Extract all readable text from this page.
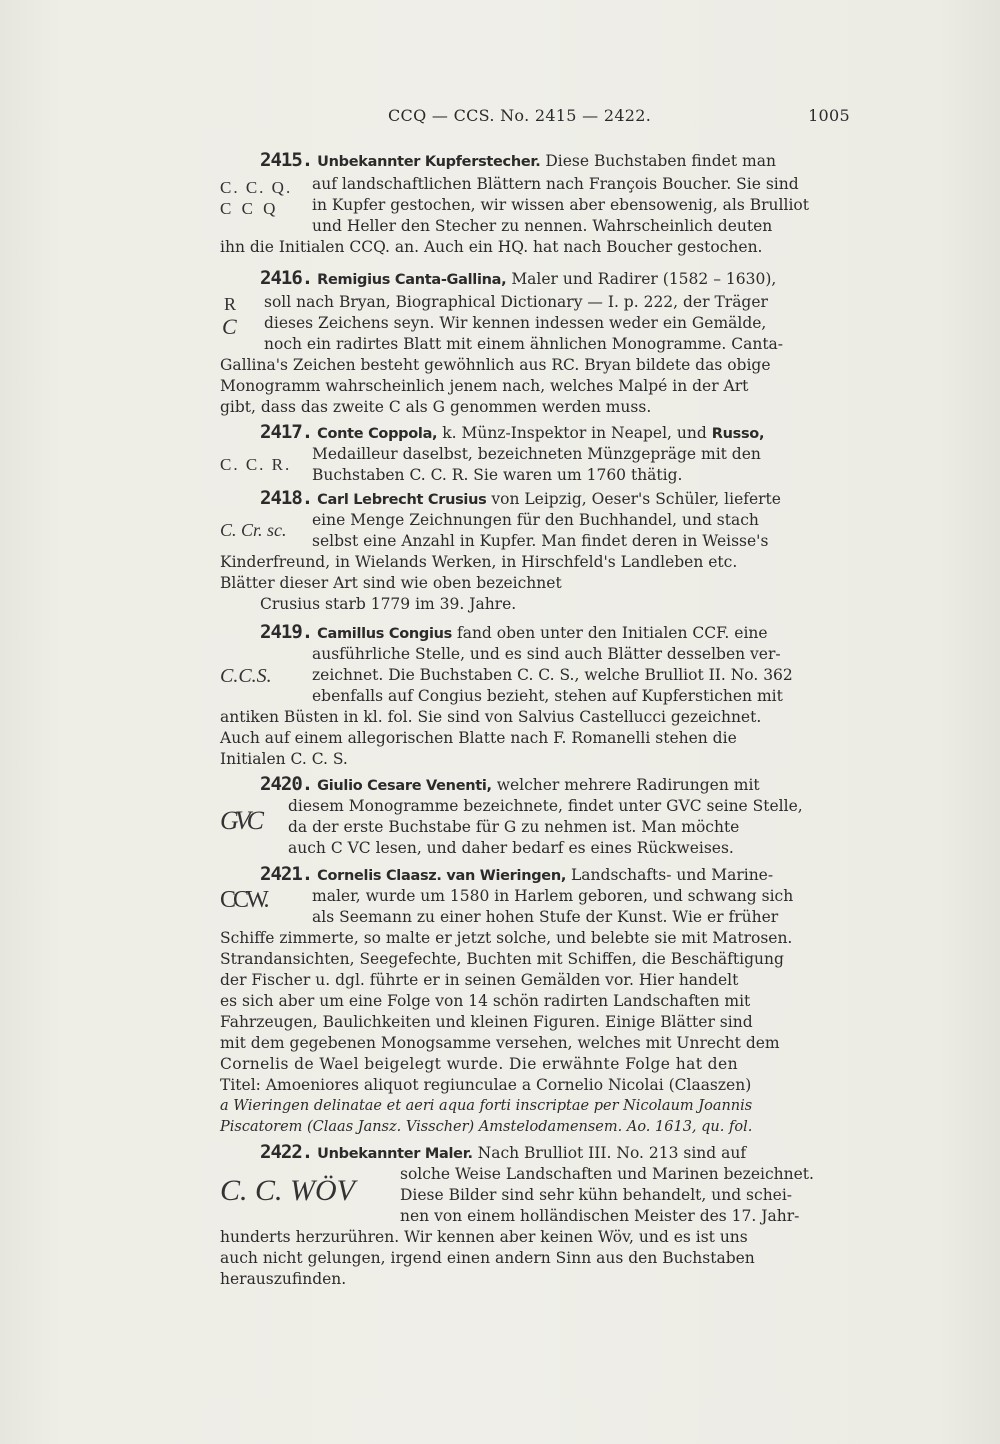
CCQ — CCS. No. 2415 — 2422.	1005
2415. Unbekannter Kupferstecher. Diese Buchstaben findet man
C. C. Q.
C C Q
auf landschaftlichen Blättern nach François Boucher. Sie sind
in Kupfer gestochen, wir wissen aber ebensowenig, als Brulliot
und Heller den Stecher zu nennen. Wahrscheinlich deuten
ihn die Initialen CCQ. an. Auch ein HQ. hat nach Boucher gestochen.
2416. Remigius Canta-Gallina, Maler und Radirer (1582 – 1630),
R
C
soll nach Bryan, Biographical Dictionary — I. p. 222, der Träger
dieses Zeichens seyn. Wir kennen indessen weder ein Gemälde,
noch ein radirtes Blatt mit einem ähnlichen Monogramme. Canta-
Gallina's Zeichen besteht gewöhnlich aus RC. Bryan bildete das obige
Monogramm wahrscheinlich jenem nach, welches Malpé in der Art
gibt, dass das zweite C als G genommen werden muss.
2417. Conte Coppola, k. Münz-Inspektor in Neapel, und Russo,
C. C. R.
Medailleur daselbst, bezeichneten Münzgepräge mit den
Buchstaben C. C. R. Sie waren um 1760 thätig.
2418. Carl Lebrecht Crusius von Leipzig, Oeser's Schüler, lieferte
C. Cr. sc. eine Menge Zeichnungen für den Buchhandel, und stach
selbst eine Anzahl in Kupfer. Man findet deren in Weisse's
Kinderfreund, in Wielands Werken, in Hirschfeld's Landleben etc.
Blätter dieser Art sind wie oben bezeichnet
Crusius starb 1779 im 39. Jahre.
2419. Camillus Congius fand oben unter den Initialen CCF. eine
C.C.S.
ausführliche Stelle, und es sind auch Blätter desselben ver-
zeichnet. Die Buchstaben C. C. S., welche Brulliot II. No. 362
ebenfalls auf Congius bezieht, stehen auf Kupferstichen mit
antiken Büsten in kl. fol. Sie sind von Salvius Castellucci gezeichnet.
Auch auf einem allegorischen Blatte nach F. Romanelli stehen die
Initialen C. C. S.
2420. Giulio Cesare Venenti, welcher mehrere Radirungen mit
GVC diesem Monogramme bezeichnete, findet unter GVC seine Stelle,
da der erste Buchstabe für G zu nehmen ist. Man möchte
auch C VC lesen, und daher bedarf es eines Rückweises.
2421. Cornelis Claasz. van Wieringen, Landschafts- und Marine-
CCW.	maler, wurde um 1580 in Harlem geboren, und schwang sich
als Seemann zu einer hohen Stufe der Kunst. Wie er früher
Schiffe zimmerte, so malte er jetzt solche, und belebte sie mit Matrosen.
Strandansichten, Seegefechte, Buchten mit Schiffen, die Beschäftigung
der Fischer u. dgl. führte er in seinen Gemälden vor. Hier handelt
es sich aber um eine Folge von 14 schön radirten Landschaften mit
Fahrzeugen, Baulichkeiten und kleinen Figuren. Einige Blätter sind
mit dem gegebenen Monogsamme versehen, welches mit Unrecht dem
Cornelis de Wael beigelegt wurde. Die erwähnte Folge hat den
Titel: Amoeniores aliquot regiunculae a Cornelio Nicolai (Claaszen)
a Wieringen delinatae et aeri aqua forti inscriptae per Nicolaum Joannis
Piscatorem (Claas Jansz. Visscher) Amstelodamensem. Ao. 1613, qu. fol.
2422. Unbekannter Maler. Nach Brulliot III. No. 213 sind auf
C. C. WÖV	solche Weise Landschaften und Marinen bezeichnet.
Diese Bilder sind sehr kühn behandelt, und schei-
nen von einem holländischen Meister des 17. Jahr-
hunderts herzurühren. Wir kennen aber keinen Wöv, und es ist uns
auch nicht gelungen, irgend einen andern Sinn aus den Buchstaben
herauszufinden.
